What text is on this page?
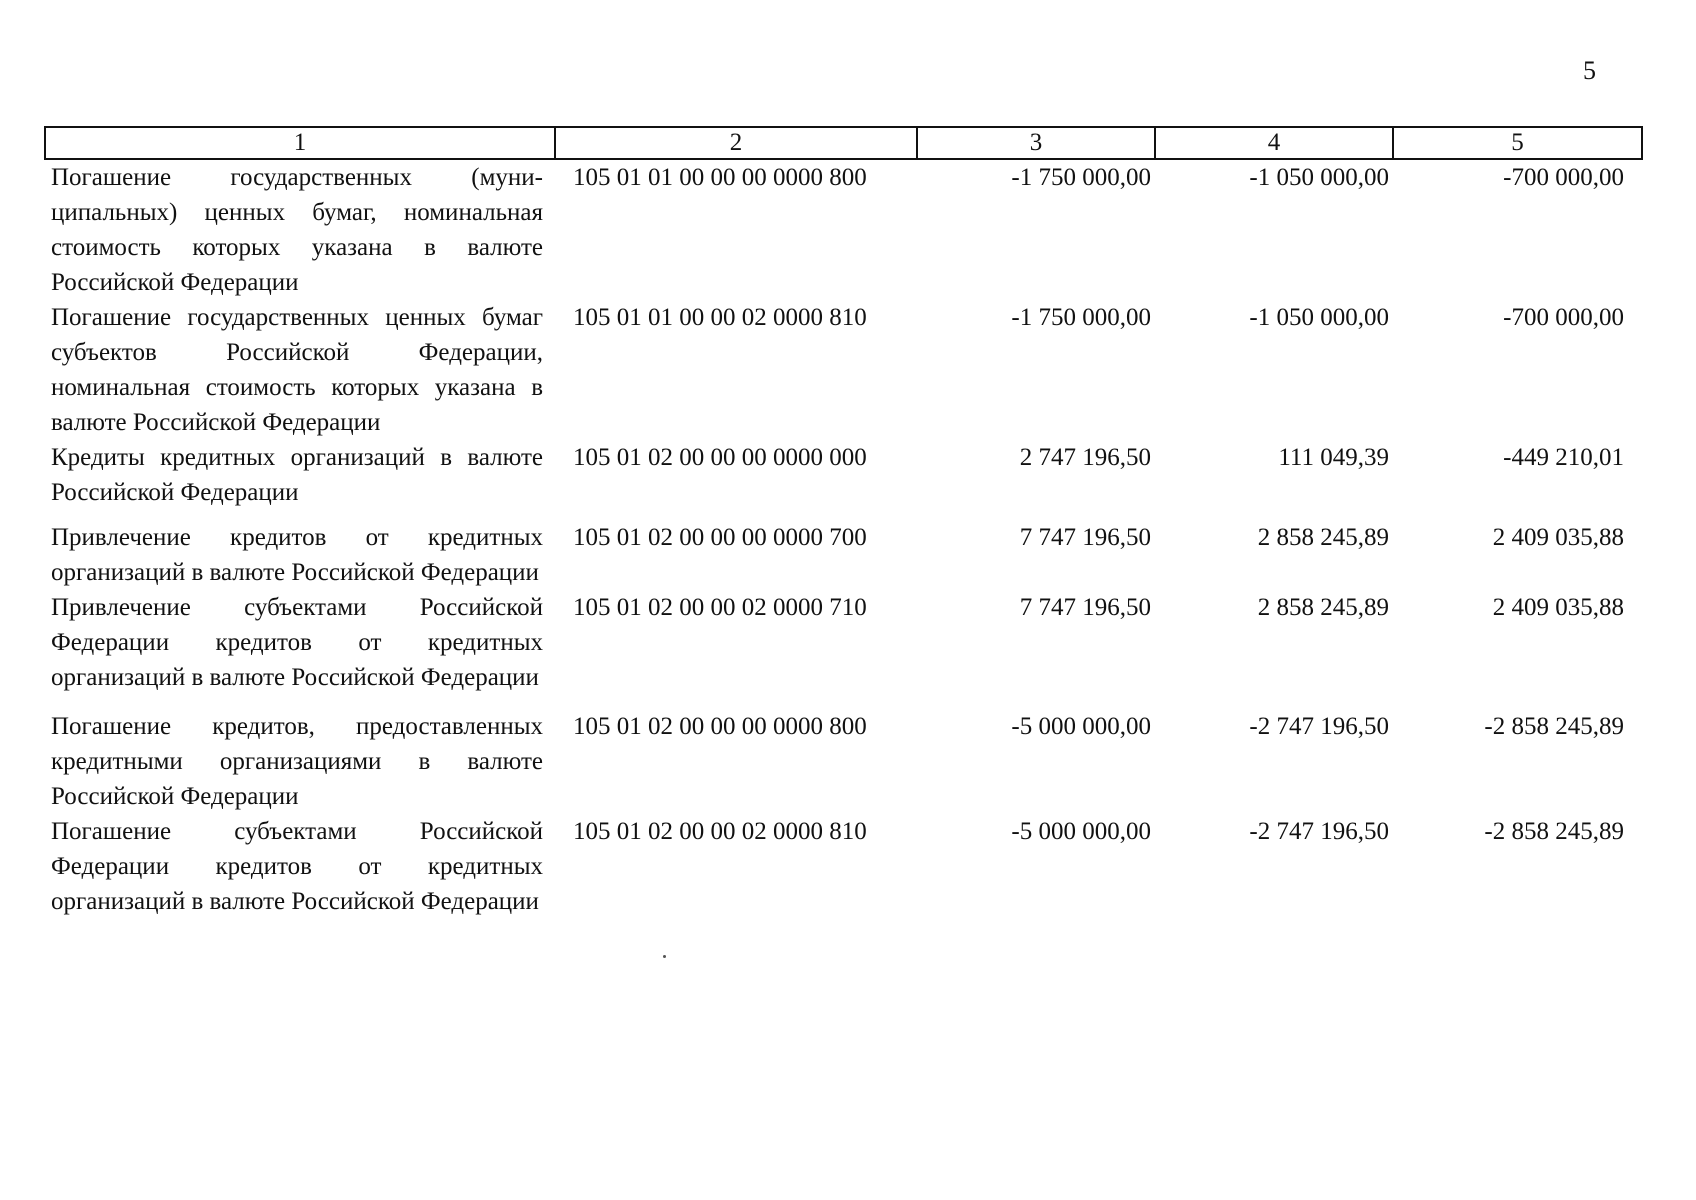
5
1	2	3	4	5
Погашение государственных (муни-ципальных) ценных бумаг, номинальная стоимость которых указана в валюте Российской Федерации	105 01 01 00 00 00 0000 800	-1 750 000,00	-1 050 000,00	-700 000,00
Погашение государственных ценных бумаг субъектов Российской Федерации, номинальная стоимость которых указана в валюте Российской Федерации	105 01 01 00 00 02 0000 810	-1 750 000,00	-1 050 000,00	-700 000,00
Кредиты кредитных организаций в валюте Российской Федерации	105 01 02 00 00 00 0000 000	2 747 196,50	111 049,39	-449 210,01
Привлечение кредитов от кредитных организаций в валюте Российской Федерации	105 01 02 00 00 00 0000 700	7 747 196,50	2 858 245,89	2 409 035,88
Привлечение субъектами Российской Федерации кредитов от кредитных организаций в валюте Российской Федерации	105 01 02 00 00 02 0000 710	7 747 196,50	2 858 245,89	2 409 035,88
Погашение кредитов, предоставленных кредитными организациями в валюте Российской Федерации	105 01 02 00 00 00 0000 800	-5 000 000,00	-2 747 196,50	-2 858 245,89
Погашение субъектами Российской Федерации кредитов от кредитных организаций в валюте Российской Федерации	105 01 02 00 00 02 0000 810	-5 000 000,00	-2 747 196,50	-2 858 245,89
